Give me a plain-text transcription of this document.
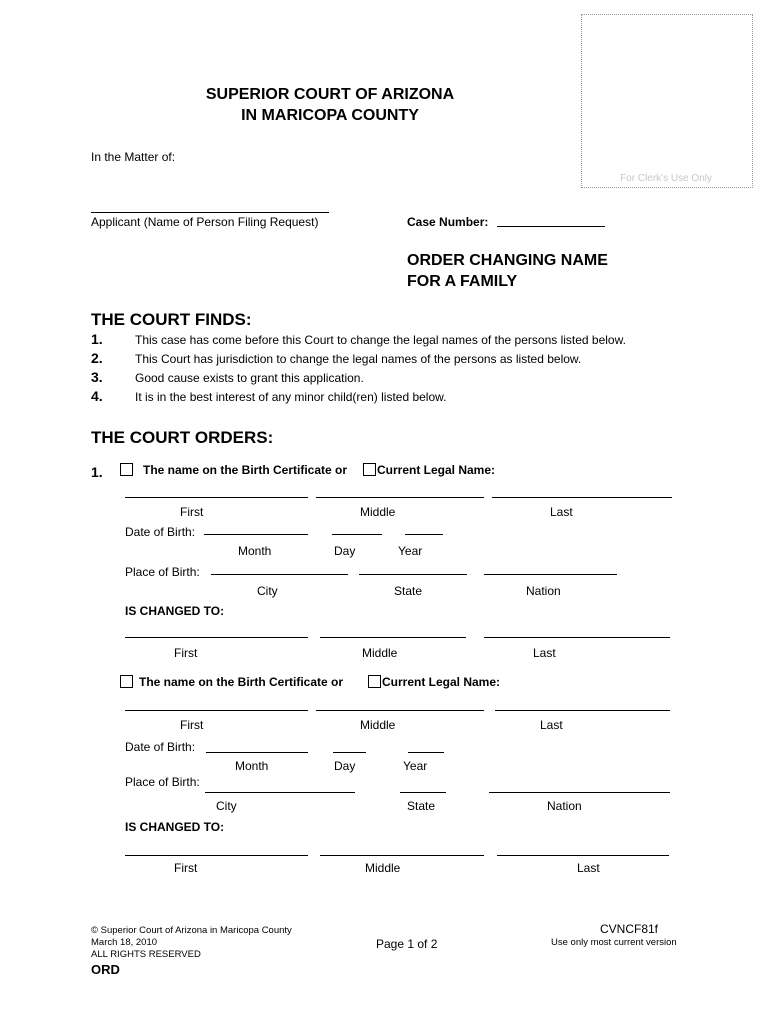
For Clerk's Use Only
SUPERIOR COURT OF ARIZONA
IN MARICOPA COUNTY
In the Matter of:
Applicant (Name of Person Filing Request)	Case Number:
ORDER CHANGING NAME
FOR A FAMILY
THE COURT FINDS:
1.	This case has come before this Court to change the legal names of the persons listed below.
2.	This Court has jurisdiction to change the legal names of the persons as listed below.
3.	Good cause exists to grant this application.
4.	It is in the best interest of any minor child(ren) listed below.
THE COURT ORDERS:
1.	The name on the Birth Certificate or	Current Legal Name:
First	Middle	Last
Date of Birth:
Month	Day	Year
Place of Birth:
City	State	Nation
IS CHANGED TO:
First	Middle	Last
The name on the Birth Certificate or	Current Legal Name:
First	Middle	Last
Date of Birth:
Month	Day	Year
Place of Birth:
City	State	Nation
IS CHANGED TO:
First	Middle	Last
© Superior Court of Arizona in Maricopa County
March 18, 2010
ALL RIGHTS RESERVED
ORD
Page 1 of 2
CVNCF81f
Use only most current version
